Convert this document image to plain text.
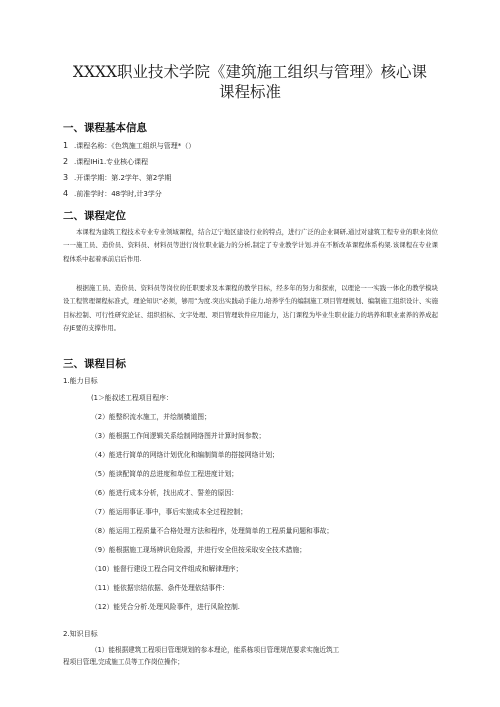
XXXX职业技术学院《建筑施工组织与管理》核心课
课程标准
一、课程基本信息
1 .课程名称：《色筑施工组织与管理*（）
2 .课程IHi1.专业核心课程
3 .开课学期：第.2学年、第2学期
4 .前准学时：48学时,计3学分
二、课程定位

本课程为建筑工程技术专业专业领域课程，结合辽宁地区建设行业的特点，进行广泛的企业调研,通过对建筑工程专业的职业岗位一一施工员、造价员、资料员、材料员等进行岗位职业能力的分析,制定了专业教学计划.并在不断改革课程体系构架.该课程在专业课程体系中起着承前启后作用.

根据施工员、造价员、资料员等岗位的任职要求及本课程的教学目标，经多年的努力和探索，以理论一一实践一体化的教学模块设工程管理课程标准式，理论知识“必须，够用”为度.突出实践动手能力,培养学生的编制施工项目管理规划、编制施工组织设计、实施目标控制、可行性研究论证、组织招标、文字处理、项目管理软件应用能力，达门课程为毕业生职业能力的培养和职业素养的养成起存JE要的支撑作用。

三、课程目标
1.能力目标
(1＞能叔述工程项目程序：
（2）能整织流水施工，并绘制横道图；
（3）能根据工作间逻辑关系绘制网络图并计算时间参数；
（4）能进行简单的网络计划优化和编制简单的搭接网络计划；
（5）能读配简单的总进度和单位工程进度计划；
（6）能进行成本分析，找出成才、誓差的原因：
（7）能运用事证.事中，事后实旅成本全过程控制；
（8）能运用工程质量不合格处理方法和程序，处理简单的工程质量问题和事故；
（9）能根据施工现场辨识危险源，并进行安全但按采取安全技术措施；
（10）能督行建设工程合同文件组成和解律理序；
（11）能依据宗结依据、条件处理依结事件：
（12）能凭合分析.处理风险事件，进行风险控制.
2.知识目标
（1）能根据建筑工程项目管理规划的参本理论，能系栋项目管理规范要求实施近筑工
程项目管理,完成施工员等工作岗位操作；
